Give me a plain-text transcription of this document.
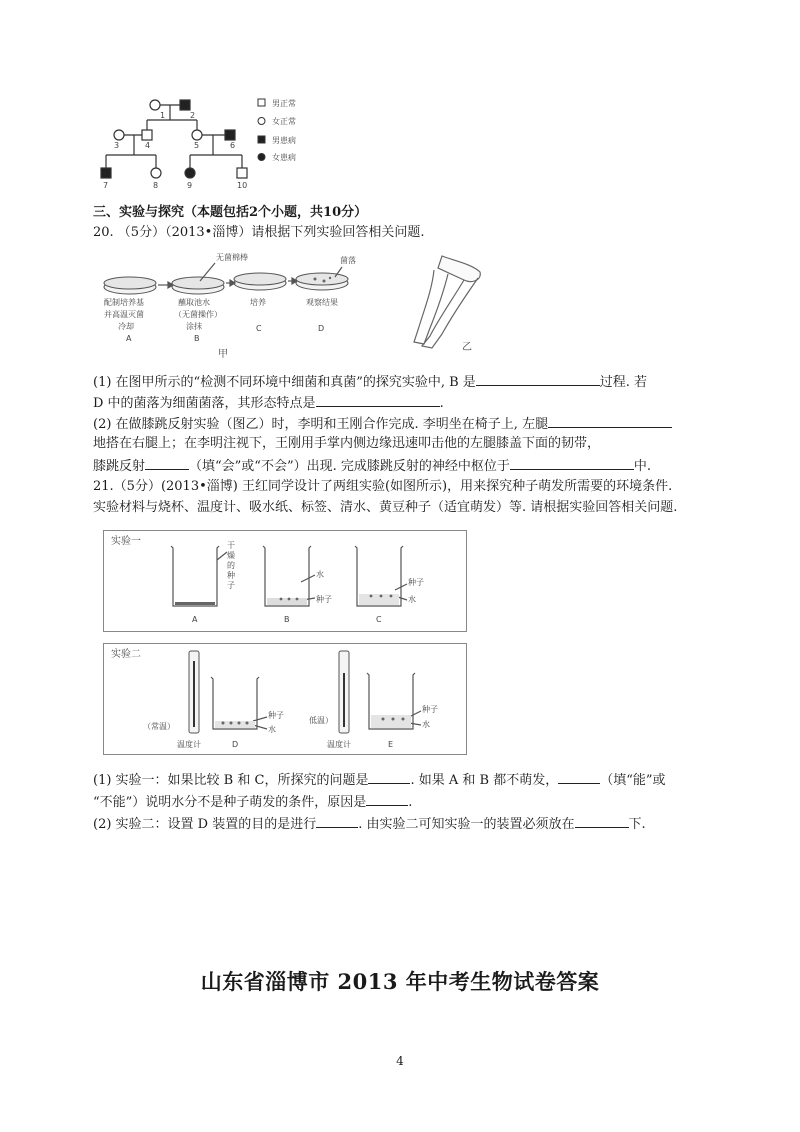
1	2
3	4	5	6
7	8	9	10
男正常
女正常
男患病
女患病
三、实验与探究（本题包括2个小题，共10分）
20. （5分）（2013•淄博）请根据下列实验回答相关问题.
无菌棉棒	菌落
配制培养基
并高温灭菌
冷却
A
蘸取池水
（无菌操作）
涂抹
B
培养
C
观察结果
D
甲
乙
(1) 在图甲所示的“检测不同环境中细菌和真菌”的探究实验中, B 是	过程. 若
D 中的菌落为细菌菌落，其形态特点是	.
(2) 在做膝跳反射实验（图乙）时，李明和王刚合作完成. 李明坐在椅子上, 左腿
地搭在右腿上；在李明注视下，王刚用手掌内侧边缘迅速叩击他的左腿膝盖下面的韧带，
膝跳反射	（填“会”或“不会”）出现. 完成膝跳反射的神经中枢位于	中.
21.（5分）(2013•淄博) 王红同学设计了两组实验(如图所示)，用来探究种子萌发所需要的环境条件.
实验材料与烧杯、温度计、吸水纸、标签、清水、黄豆种子（适宜萌发）等. 请根据实验回答相关问题.
实验一	干
燥
的
种
子
水
种子
种子
水
A	B	C
实验二
（常温）
低温）
温度计	温度计
种子
水
种子
水
D	E
(1) 实验一：如果比较 B 和 C，所探究的问题是	. 如果 A 和 B 都不萌发，	（填“能”或
“不能”）说明水分不是种子萌发的条件，原因是	.
(2) 实验二：设置 D 装置的目的是进行	. 由实验二可知实验一的装置必须放在	下.
山东省淄博市 2013 年中考生物试卷答案
4
